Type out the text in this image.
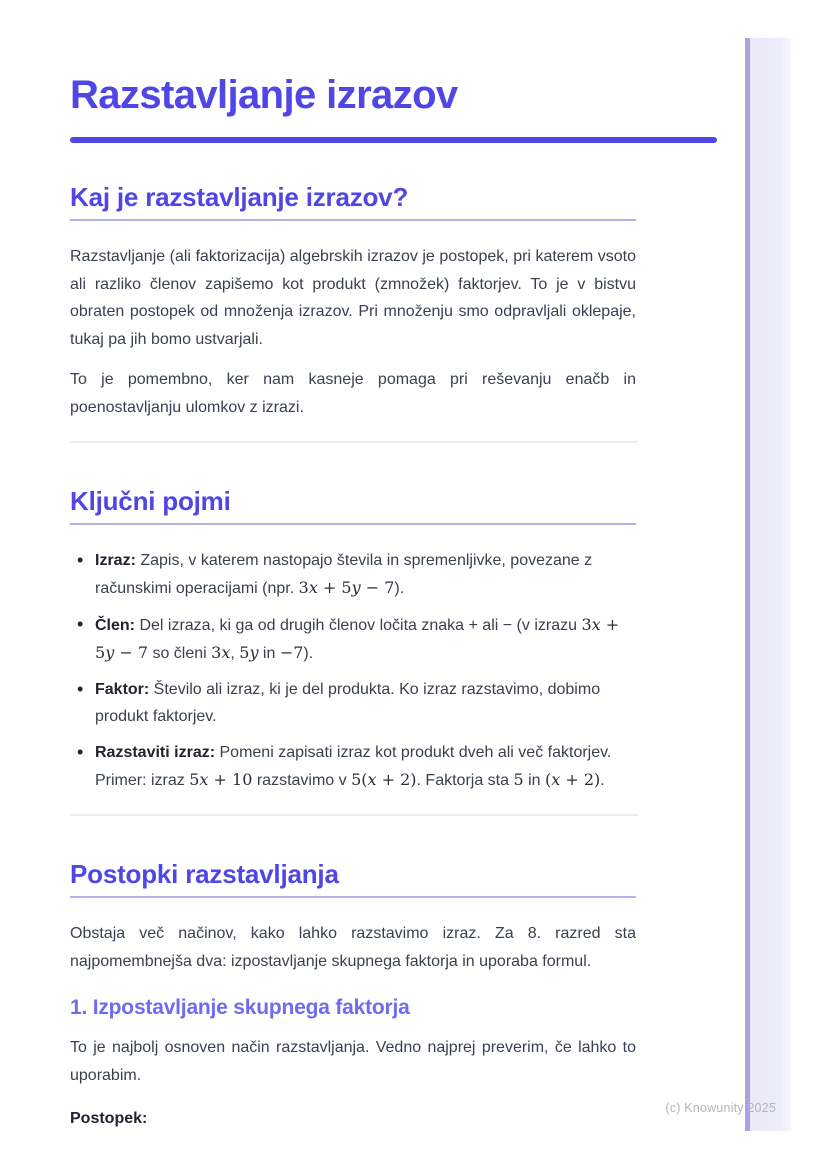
Razstavljanje izrazov
Kaj je razstavljanje izrazov?

Razstavljanje (ali faktorizacija) algebrskih izrazov je postopek, pri katerem vsoto ali razliko členov zapišemo kot produkt (zmnožek) faktorjev. To je v bistvu obraten postopek od množenja izrazov. Pri množenju smo odpravljali oklepaje, tukaj pa jih bomo ustvarjali.

To je pomembno, ker nam kasneje pomaga pri reševanju enačb in poenostavljanju ulomkov z izrazi.

Ključni pojmi
• Izraz: Zapis, v katerem nastopajo števila in spremenljivke, povezane z računskimi operacijami (npr. 3x + 5y − 7).
• Člen: Del izraza, ki ga od drugih členov ločita znaka + ali − (v izrazu 3x + 5y − 7 so členi 3x, 5y in −7).
• Faktor: Število ali izraz, ki je del produkta. Ko izraz razstavimo, dobimo produkt faktorjev.
• Razstaviti izraz: Pomeni zapisati izraz kot produkt dveh ali več faktorjev. Primer: izraz 5x + 10 razstavimo v 5(x + 2). Faktorja sta 5 in (x + 2).
Postopki razstavljanja

Obstaja več načinov, kako lahko razstavimo izraz. Za 8. razred sta najpomembnejša dva: izpostavljanje skupnega faktorja in uporaba formul.

1. Izpostavljanje skupnega faktorja

To je najbolj osnoven način razstavljanja. Vedno najprej preverim, če lahko to uporabim.

Postopek:

(c) Knowunity 2025
